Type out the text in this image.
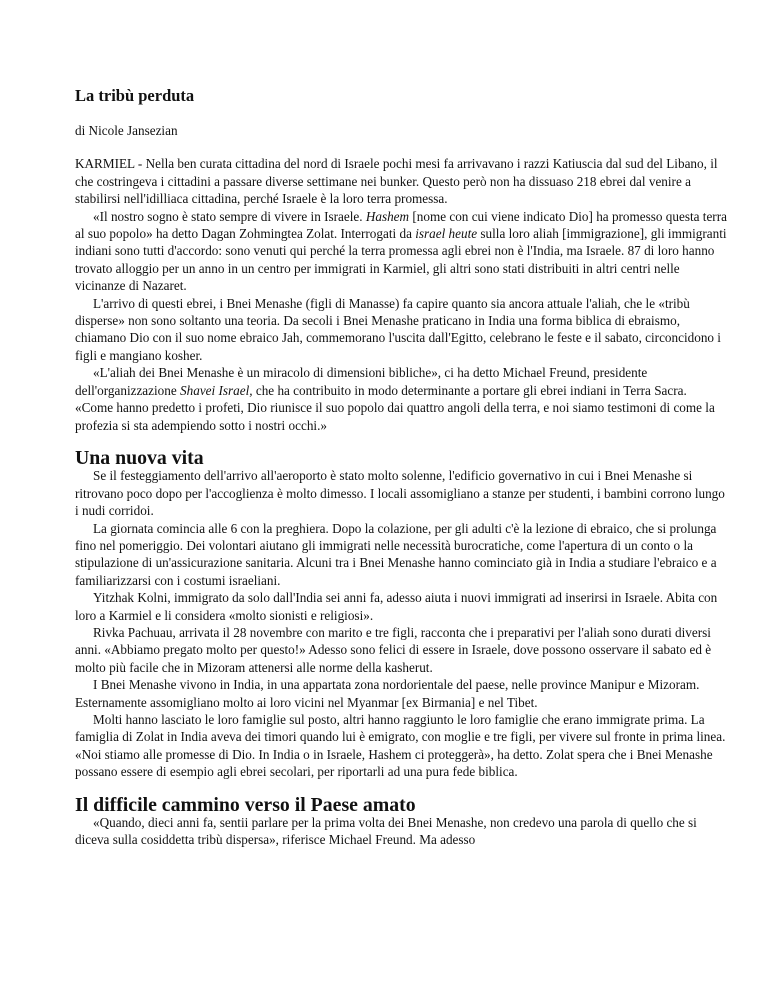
La tribù perduta

di Nicole Jansezian

KARMIEL - Nella ben curata cittadina del nord di Israele pochi mesi fa arrivavano i razzi Katiuscia dal sud del Libano, il che costringeva i cittadini a passare diverse settimane nei bunker. Questo però non ha dissuaso 218 ebrei dal venire a stabilirsi nell'idilliaca cittadina, perché Israele è la loro terra promessa.

«Il nostro sogno è stato sempre di vivere in Israele. Hashem [nome con cui viene indicato Dio] ha promesso questa terra al suo popolo» ha detto Dagan Zohmingtea Zolat. Interrogati da israel heute sulla loro aliah [immigrazione], gli immigranti indiani sono tutti d'accordo: sono venuti qui perché la terra promessa agli ebrei non è l'India, ma Israele. 87 di loro hanno trovato alloggio per un anno in un centro per immigrati in Karmiel, gli altri sono stati distribuiti in altri centri nelle vicinanze di Nazaret.

L'arrivo di questi ebrei, i Bnei Menashe (figli di Manasse) fa capire quanto sia ancora attuale l'aliah, che le «tribù disperse» non sono soltanto una teoria. Da secoli i Bnei Menashe praticano in India una forma biblica di ebraismo, chiamano Dio con il suo nome ebraico Jah, commemorano l'uscita dall'Egitto, celebrano le feste e il sabato, circoncidono i figli e mangiano kosher.

«L'aliah dei Bnei Menashe è un miracolo di dimensioni bibliche», ci ha detto Michael Freund, presidente dell'organizzazione Shavei Israel, che ha contribuito in modo determinante a portare gli ebrei indiani in Terra Sacra. «Come hanno predetto i profeti, Dio riunisce il suo popolo dai quattro angoli della terra, e noi siamo testimoni di come la profezia si sta adempiendo sotto i nostri occhi.»

Una nuova vita

Se il festeggiamento dell'arrivo all'aeroporto è stato molto solenne, l'edificio governativo in cui i Bnei Menashe si ritrovano poco dopo per l'accoglienza è molto dimesso. I locali assomigliano a stanze per studenti, i bambini corrono lungo i nudi corridoi.

La giornata comincia alle 6 con la preghiera. Dopo la colazione, per gli adulti c'è la lezione di ebraico, che si prolunga fino nel pomeriggio. Dei volontari aiutano gli immigrati nelle necessità burocratiche, come l'apertura di un conto o la stipulazione di un'assicurazione sanitaria. Alcuni tra i Bnei Menashe hanno cominciato già in India a studiare l'ebraico e a familiarizzarsi con i costumi israeliani.

Yitzhak Kolni, immigrato da solo dall'India sei anni fa, adesso aiuta i nuovi immigrati ad inserirsi in Israele. Abita con loro a Karmiel e li considera «molto sionisti e religiosi».

Rivka Pachuau, arrivata il 28 novembre con marito e tre figli, racconta che i preparativi per l'aliah sono durati diversi anni. «Abbiamo pregato molto per questo!» Adesso sono felici di essere in Israele, dove possono osservare il sabato ed è molto più facile che in Mizoram attenersi alle norme della kasherut.

I Bnei Menashe vivono in India, in una appartata zona nordorientale del paese, nelle province Manipur e Mizoram. Esternamente assomigliano molto ai loro vicini nel Myanmar [ex Birmania] e nel Tibet.

Molti hanno lasciato le loro famiglie sul posto, altri hanno raggiunto le loro famiglie che erano immigrate prima. La famiglia di Zolat in India aveva dei timori quando lui è emigrato, con moglie e tre figli, per vivere sul fronte in prima linea. «Noi stiamo alle promesse di Dio. In India o in Israele, Hashem ci proteggerà», ha detto. Zolat spera che i Bnei Menashe possano essere di esempio agli ebrei secolari, per riportarli ad una pura fede biblica.

Il difficile cammino verso il Paese amato

«Quando, dieci anni fa, sentii parlare per la prima volta dei Bnei Menashe, non credevo una parola di quello che si diceva sulla cosiddetta tribù dispersa», riferisce Michael Freund. Ma adesso
